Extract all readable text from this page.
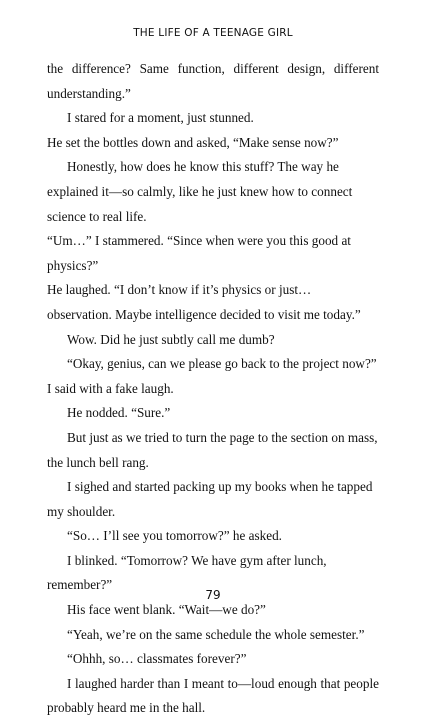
THE LIFE OF A TEENAGE GIRL

the difference? Same function, different design, different understanding.”

I stared for a moment, just stunned.

He set the bottles down and asked, “Make sense now?”

Honestly, how does he know this stuff? The way he explained it—so calmly, like he just knew how to connect science to real life.

“Um…” I stammered. “Since when were you this good at physics?”

He laughed. “I don’t know if it’s physics or just… observation. Maybe intelligence decided to visit me today.”

Wow. Did he just subtly call me dumb?

“Okay, genius, can we please go back to the project now?” I said with a fake laugh.

He nodded. “Sure.”

But just as we tried to turn the page to the section on mass, the lunch bell rang.

I sighed and started packing up my books when he tapped my shoulder.

“So… I’ll see you tomorrow?” he asked.

I blinked. “Tomorrow? We have gym after lunch, remember?”

His face went blank. “Wait—we do?”

“Yeah, we’re on the same schedule the whole semester.”

“Ohhh, so… classmates forever?”

I laughed harder than I meant to—loud enough that people probably heard me in the hall.

79
